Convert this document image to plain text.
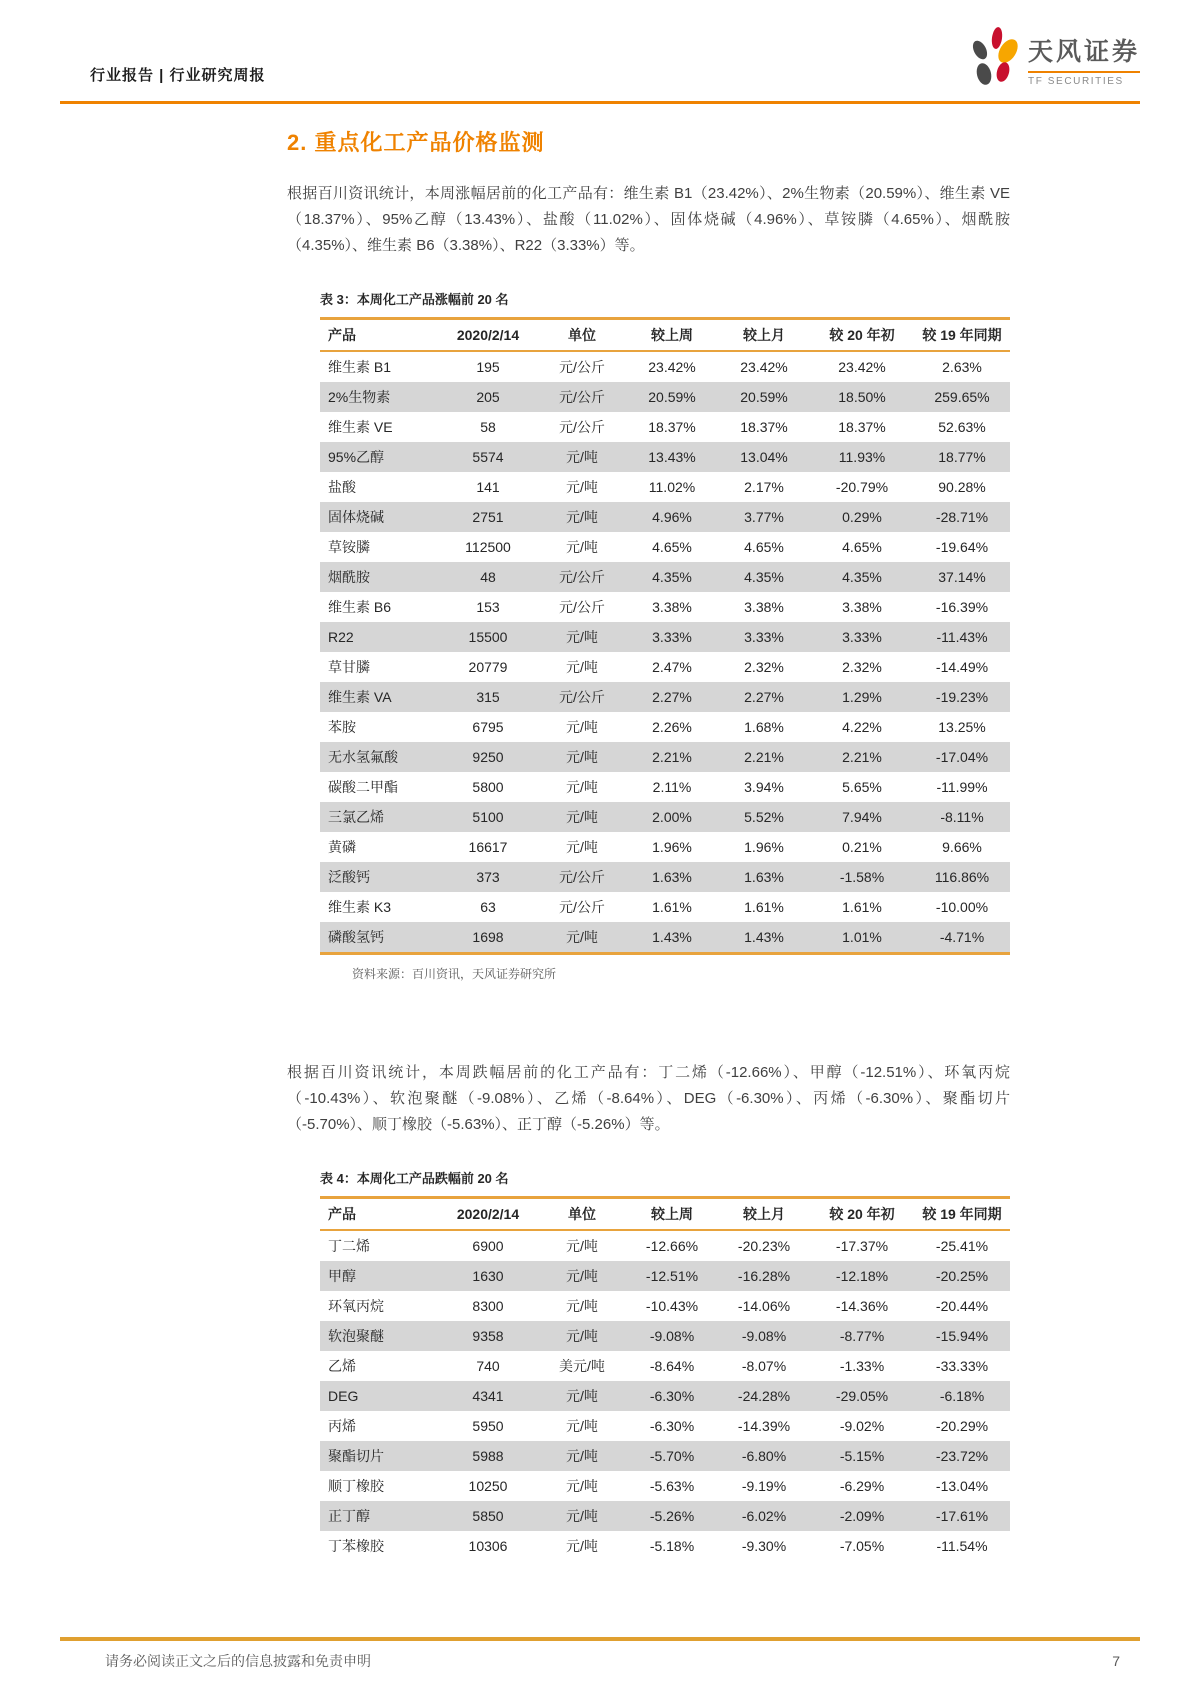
行业报告 | 行业研究周报
天风证券
TF SECURITIES
2. 重点化工产品价格监测

根据百川资讯统计，本周涨幅居前的化工产品有：维生素 B1（23.42%）、2%生物素（20.59%）、维生素 VE（18.37%）、95%乙醇（13.43%）、盐酸（11.02%）、固体烧碱（4.96%）、草铵膦（4.65%）、烟酰胺（4.35%）、维生素 B6（3.38%）、R22（3.33%）等。

表 3：本周化工产品涨幅前 20 名
产品	2020/2/14	单位	较上周	较上月	较 20 年初	较 19 年同期
维生素 B1	195	元/公斤	23.42%	23.42%	23.42%	2.63%
2%生物素	205	元/公斤	20.59%	20.59%	18.50%	259.65%
维生素 VE	58	元/公斤	18.37%	18.37%	18.37%	52.63%
95%乙醇	5574	元/吨	13.43%	13.04%	11.93%	18.77%
盐酸	141	元/吨	11.02%	2.17%	-20.79%	90.28%
固体烧碱	2751	元/吨	4.96%	3.77%	0.29%	-28.71%
草铵膦	112500	元/吨	4.65%	4.65%	4.65%	-19.64%
烟酰胺	48	元/公斤	4.35%	4.35%	4.35%	37.14%
维生素 B6	153	元/公斤	3.38%	3.38%	3.38%	-16.39%
R22	15500	元/吨	3.33%	3.33%	3.33%	-11.43%
草甘膦	20779	元/吨	2.47%	2.32%	2.32%	-14.49%
维生素 VA	315	元/公斤	2.27%	2.27%	1.29%	-19.23%
苯胺	6795	元/吨	2.26%	1.68%	4.22%	13.25%
无水氢氟酸	9250	元/吨	2.21%	2.21%	2.21%	-17.04%
碳酸二甲酯	5800	元/吨	2.11%	3.94%	5.65%	-11.99%
三氯乙烯	5100	元/吨	2.00%	5.52%	7.94%	-8.11%
黄磷	16617	元/吨	1.96%	1.96%	0.21%	9.66%
泛酸钙	373	元/公斤	1.63%	1.63%	-1.58%	116.86%
维生素 K3	63	元/公斤	1.61%	1.61%	1.61%	-10.00%
磷酸氢钙	1698	元/吨	1.43%	1.43%	1.01%	-4.71%
资料来源：百川资讯，天风证券研究所

根据百川资讯统计，本周跌幅居前的化工产品有：丁二烯（-12.66%）、甲醇（-12.51%）、环氧丙烷（-10.43%）、软泡聚醚（-9.08%）、乙烯（-8.64%）、DEG（-6.30%）、丙烯（-6.30%）、聚酯切片（-5.70%）、顺丁橡胶（-5.63%）、正丁醇（-5.26%）等。

表 4：本周化工产品跌幅前 20 名
产品	2020/2/14	单位	较上周	较上月	较 20 年初	较 19 年同期
丁二烯	6900	元/吨	-12.66%	-20.23%	-17.37%	-25.41%
甲醇	1630	元/吨	-12.51%	-16.28%	-12.18%	-20.25%
环氧丙烷	8300	元/吨	-10.43%	-14.06%	-14.36%	-20.44%
软泡聚醚	9358	元/吨	-9.08%	-9.08%	-8.77%	-15.94%
乙烯	740	美元/吨	-8.64%	-8.07%	-1.33%	-33.33%
DEG	4341	元/吨	-6.30%	-24.28%	-29.05%	-6.18%
丙烯	5950	元/吨	-6.30%	-14.39%	-9.02%	-20.29%
聚酯切片	5988	元/吨	-5.70%	-6.80%	-5.15%	-23.72%
顺丁橡胶	10250	元/吨	-5.63%	-9.19%	-6.29%	-13.04%
正丁醇	5850	元/吨	-5.26%	-6.02%	-2.09%	-17.61%
丁苯橡胶	10306	元/吨	-5.18%	-9.30%	-7.05%	-11.54%
请务必阅读正文之后的信息披露和免责申明	7
